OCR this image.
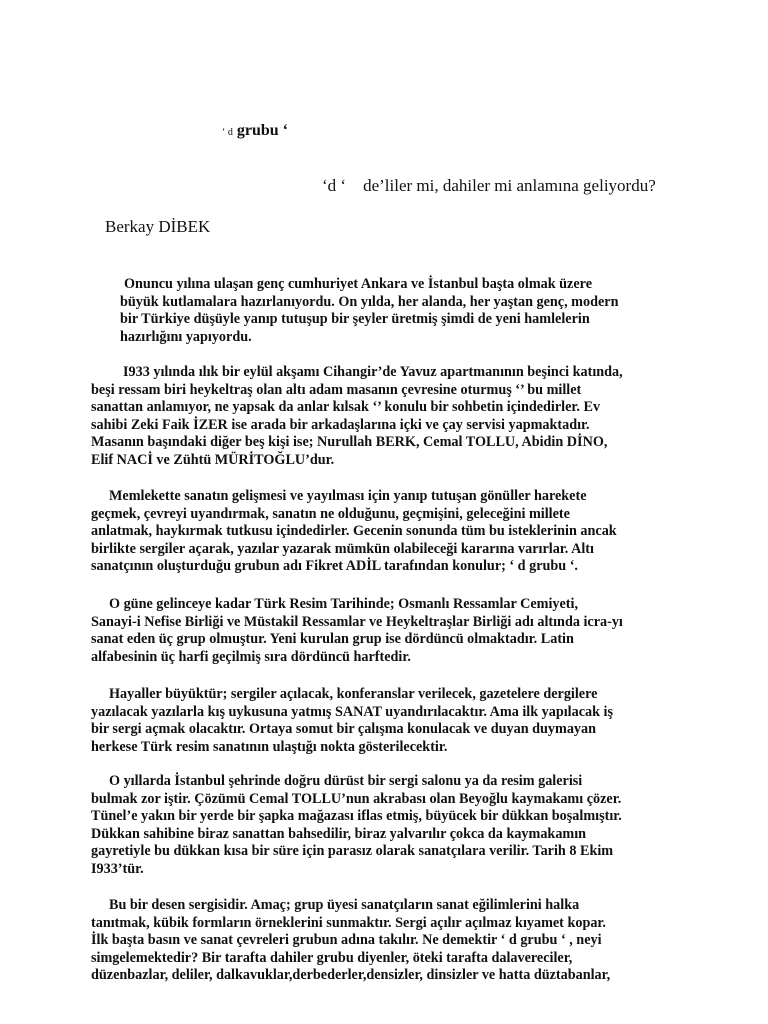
‘ d grubu ‘
‘d ‘    de’liler mi, dahiler mi anlamına geliyordu?
Berkay DİBEK
Onuncu yılına ulaşan genç cumhuriyet Ankara ve İstanbul başta olmak üzere
büyük kutlamalara hazırlanıyordu. On yılda, her alanda, her yaştan genç, modern
bir Türkiye düşüyle yanıp tutuşup bir şeyler üretmiş şimdi de yeni hamlelerin
hazırlığını yapıyordu.
I933 yılında ılık bir eylül akşamı Cihangir’de Yavuz apartmanının beşinci katında,
beşi ressam biri heykeltraş olan altı adam masanın çevresine oturmuş ‘’ bu millet
sanattan anlamıyor, ne yapsak da anlar kılsak ‘’ konulu bir sohbetin içindedirler. Ev
sahibi Zeki Faik İZER ise arada bir arkadaşlarına içki ve çay servisi yapmaktadır.
Masanın başındaki diğer beş kişi ise; Nurullah BERK, Cemal TOLLU, Abidin DİNO,
Elif NACİ ve Zühtü MÜRİTOĞLU’dur.
Memlekette sanatın gelişmesi ve yayılması için yanıp tutuşan gönüller harekete
geçmek, çevreyi uyandırmak, sanatın ne olduğunu, geçmişini, geleceğini millete
anlatmak, haykırmak tutkusu içindedirler. Gecenin sonunda tüm bu isteklerinin ancak
birlikte sergiler açarak, yazılar yazarak mümkün olabileceği kararına varırlar. Altı
sanatçının oluşturduğu grubun adı Fikret ADİL tarafından konulur; ‘ d grubu ‘.
O güne gelinceye kadar Türk Resim Tarihinde; Osmanlı Ressamlar Cemiyeti,
Sanayi-i Nefise Birliği ve Müstakil Ressamlar ve Heykeltraşlar Birliği adı altında icra-yı
sanat eden üç grup olmuştur. Yeni kurulan grup ise dördüncü olmaktadır. Latin
alfabesinin üç harfi geçilmiş sıra dördüncü harftedir.
Hayaller büyüktür; sergiler açılacak, konferanslar verilecek, gazetelere dergilere
yazılacak yazılarla kış uykusuna yatmış SANAT uyandırılacaktır. Ama ilk yapılacak iş
bir sergi açmak olacaktır. Ortaya somut bir çalışma konulacak ve duyan duymayan
herkese Türk resim sanatının ulaştığı nokta gösterilecektir.
O yıllarda İstanbul şehrinde doğru dürüst bir sergi salonu ya da resim galerisi
bulmak zor iştir. Çözümü Cemal TOLLU’nun akrabası olan Beyoğlu kaymakamı çözer.
Tünel’e yakın bir yerde bir şapka mağazası iflas etmiş, büyücek bir dükkan boşalmıştır.
Dükkan sahibine biraz sanattan bahsedilir, biraz yalvarılır çokca da kaymakamın
gayretiyle bu dükkan kısa bir süre için parasız olarak sanatçılara verilir. Tarih 8 Ekim
I933’tür.
Bu bir desen sergisidir. Amaç; grup üyesi sanatçıların sanat eğilimlerini halka
tanıtmak, kübik formların örneklerini sunmaktır. Sergi açılır açılmaz kıyamet kopar.
İlk başta basın ve sanat çevreleri grubun adına takılır. Ne demektir ‘ d grubu ‘ , neyi
simgelemektedir? Bir tarafta dahiler grubu diyenler, öteki tarafta dalavereciler,
düzenbazlar, deliler, dalkavuklar,derbederler,densizler, dinsizler ve hatta düztabanlar,
